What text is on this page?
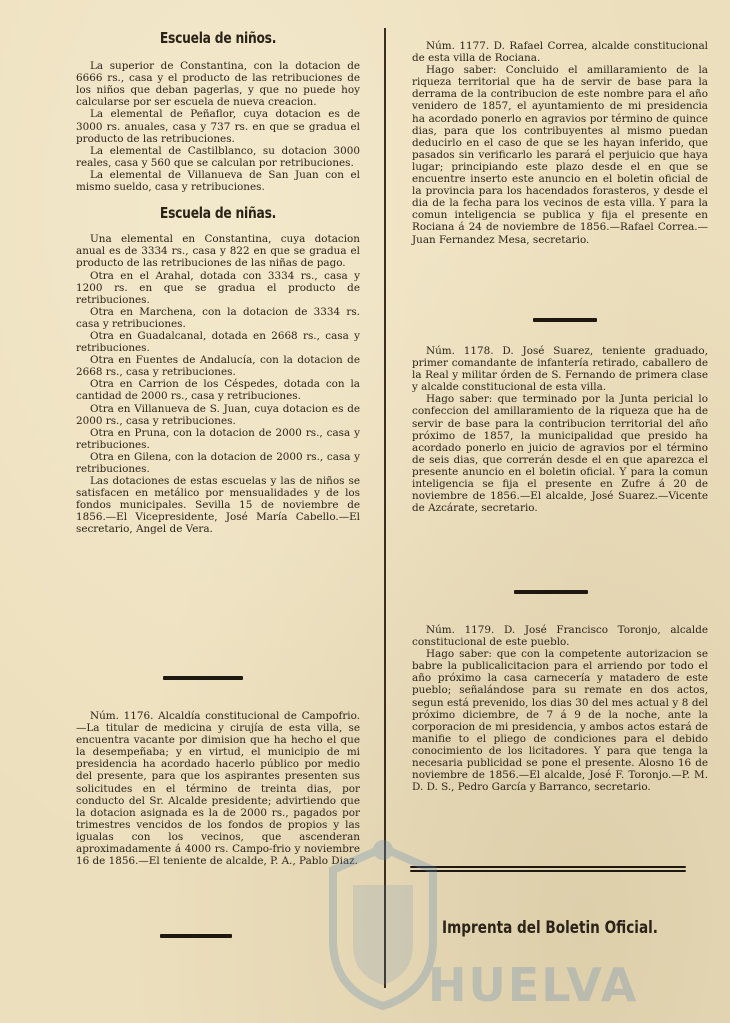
Escuela de niños.

La superior de Constantina, con la dotacion de 6666 rs., casa y el producto de las retribuciones de los niños que deban pagerlas, y que no puede hoy calcularse por ser escuela de nueva creacion.

La elemental de Peñaflor, cuya dotacion es de 3000 rs. anuales, casa y 737 rs. en que se gradua el producto de las retribuciones.

La elemental de Castilblanco, su dotacion 3000 reales, casa y 560 que se calculan por retribuciones.

La elemental de Villanueva de San Juan con el mismo sueldo, casa y retribuciones.

Escuela de niñas.

Una elemental en Constantina, cuya dotacion anual es de 3334 rs., casa y 822 en que se gradua el producto de las retribuciones de las niñas de pago.

Otra en el Arahal, dotada con 3334 rs., casa y 1200 rs. en que se gradua el producto de retribuciones.

Otra en Marchena, con la dotacion de 3334 rs. casa y retribuciones.

Otra en Guadalcanal, dotada en 2668 rs., casa y retribuciones.

Otra en Fuentes de Andalucía, con la dotacion de 2668 rs., casa y retribuciones.

Otra en Carrion de los Céspedes, dotada con la cantidad de 2000 rs., casa y retribuciones.

Otra en Villanueva de S. Juan, cuya dotacion es de 2000 rs., casa y retribuciones.

Otra en Pruna, con la dotacion de 2000 rs., casa y retribuciones.

Otra en Gilena, con la dotacion de 2000 rs., casa y retribuciones.

Las dotaciones de estas escuelas y las de niños se satisfacen en metálico por mensualidades y de los fondos municipales. Sevilla 15 de noviembre de 1856.—El Vicepresidente, José María Cabello.—El secretario, Angel de Vera.

Núm. 1176. Alcaldía constitucional de Campofrio.—La titular de medicina y cirujía de esta villa, se encuentra vacante por dimision que ha hecho el que la desempeñaba; y en virtud, el municipio de mi presidencia ha acordado hacerlo público por medio del presente, para que los aspirantes presenten sus solicitudes en el término de treinta dias, por conducto del Sr. Alcalde presidente; advirtiendo que la dotacion asignada es la de 2000 rs., pagados por trimestres vencidos de los fondos de propios y las igualas con los vecinos, que ascenderan aproximadamente á 4000 rs. Campo-frio y noviembre 16 de 1856.—El teniente de alcalde, P. A., Pablo Diaz.

Núm. 1177. D. Rafael Correa, alcalde constitucional de esta villa de Rociana.

Hago saber: Concluido el amillaramiento de la riqueza territorial que ha de servir de base para la derrama de la contribucion de este nombre para el año venidero de 1857, el ayuntamiento de mi presidencia ha acordado ponerlo en agravios por término de quince dias, para que los contribuyentes al mismo puedan deducirlo en el caso de que se les hayan inferido, que pasados sin verificarlo les parará el perjuicio que haya lugar; principiando este plazo desde el en que se encuentre inserto este anuncio en el boletin oficial de la provincia para los hacendados forasteros, y desde el dia de la fecha para los vecinos de esta villa. Y para la comun inteligencia se publica y fija el presente en Rociana á 24 de noviembre de 1856.—Rafael Correa.—Juan Fernandez Mesa, secretario.

Núm. 1178. D. José Suarez, teniente graduado, primer comandante de infantería retirado, caballero de la Real y militar órden de S. Fernando de primera clase y alcalde constitucional de esta villa.

Hago saber: que terminado por la Junta pericial lo confeccion del amillaramiento de la riqueza que ha de servir de base para la contribucion territorial del año próximo de 1857, la municipalidad que presido ha acordado ponerlo en juicio de agravios por el término de seis dias, que correrán desde el en que aparezca el presente anuncio en el boletin oficial. Y para la comun inteligencia se fija el presente en Zufre á 20 de noviembre de 1856.—El alcalde, José Suarez.—Vicente de Azcárate, secretario.

Núm. 1179. D. José Francisco Toronjo, alcalde constitucional de este pueblo.

Hago saber: que con la competente autorizacion se babre la publicalicitacion para el arriendo por todo el año próximo la casa carnecería y matadero de este pueblo; señalándose para su remate en dos actos, segun está prevenido, los dias 30 del mes actual y 8 del próximo diciembre, de 7 á 9 de la noche, ante la corporacion de mi presidencia, y ambos actos estará de manifie to el pliego de condiciones para el debido conocimiento de los licitadores. Y para que tenga la necesaria publicidad se pone el presente. Alosno 16 de noviembre de 1856.—El alcalde, José F. Toronjo.—P. M. D. D. S., Pedro García y Barranco, secretario.

Imprenta del Boletin Oficial.
HUELVA
